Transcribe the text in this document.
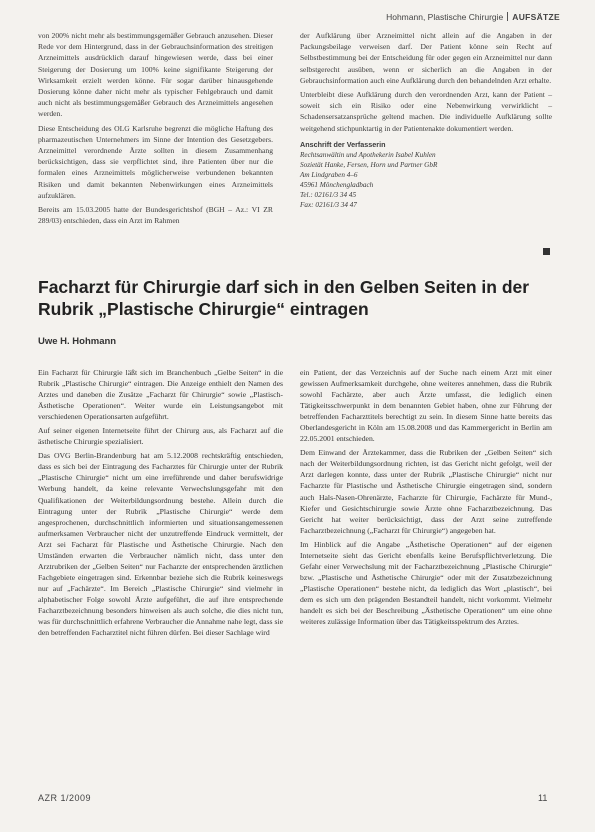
Hohmann, Plastische Chirurgie AUFSÄTZE

von 200% nicht mehr als bestimmungsgemäßer Gebrauch anzusehen. Dieser Rede vor dem Hintergrund, dass in der Gebrauchsinformation des streitigen Arzneimittels ausdrücklich darauf hingewiesen werde, dass bei einer Steigerung der Dosierung um 100% keine signifikante Steigerung der Wirksamkeit erzielt werden könne. Für sogar darüber hinausgehende Dosierung könne daher nicht mehr als typischer Fehlgebrauch und damit auch nicht als bestimmungsgemäßer Gebrauch des Arzneimittels angesehen werden.

Diese Entscheidung des OLG Karlsruhe begrenzt die mögliche Haftung des pharmazeutischen Unternehmers im Sinne der Intention des Gesetzgebers. Arzneimittel verordnende Ärzte sollten in diesem Zusammenhang berücksichtigen, dass sie verpflichtet sind, ihre Patienten über nur die formalen eines Arzneimittels möglicherweise verbundenen bekannten Risiken und damit bekannten Nebenwirkungen eines Arzneimittels aufzuklären.

Bereits am 15.03.2005 hatte der Bundesgerichtshof (BGH – Az.: VI ZR 289/03) entschieden, dass ein Arzt im Rahmen

der Aufklärung über Arzneimittel nicht allein auf die Angaben in der Packungsbeilage verweisen darf. Der Patient könne sein Recht auf Selbstbestimmung bei der Entscheidung für oder gegen ein Arzneimittel nur dann selbstgerecht ausüben, wenn er sicherlich an die Angaben in der Gebrauchsinformation auch eine Aufklärung durch den behandelnden Arzt erhalte.

Unterbleibt diese Aufklärung durch den verordnenden Arzt, kann der Patient – soweit sich ein Risiko oder eine Nebenwirkung verwirklicht – Schadensersatzansprüche geltend machen. Die individuelle Aufklärung sollte weitgehend stichpunktartig in der Patientenakte dokumentiert werden.

Anschrift der Verfasserin
Rechtsanwältin und Apothekerin Isabel Kuhlen
Sozietät Hanke, Fersen, Horn und Partner GbR
Am Lindgraben 4–6
45961 Mönchengladbach
Tel.: 02161/3 34 45
Fax: 02161/3 34 47
Facharzt für Chirurgie darf sich in den Gelben Seiten in der Rubrik „Plastische Chirurgie“ eintragen
Uwe H. Hohmann

Ein Facharzt für Chirurgie läßt sich im Branchenbuch „Gelbe Seiten“ in die Rubrik „Plastische Chirurgie“ eintragen. Die Anzeige enthielt den Namen des Arztes und daneben die Zusätze „Facharzt für Chirurgie“ sowie „Plastisch-Ästhetische Operationen“. Weiter wurde ein Leistungsangebot mit verschiedenen Operationsarten aufgeführt.

Auf seiner eigenen Internetseite führt der Chirurg aus, als Facharzt auf die ästhetische Chirurgie spezialisiert.

Das OVG Berlin-Brandenburg hat am 5.12.2008 rechtskräftig entschieden, dass es sich bei der Eintragung des Facharztes für Chirurgie unter der Rubrik „Plastische Chirurgie“ nicht um eine irreführende und daher berufswidrige Werbung handelt, da keine relevante Verwechslungsgefahr mit den Qualifikationen der Weiterbildungsordnung bestehe. Allein durch die Eintragung unter der Rubrik „Plastische Chirurgie“ werde dem angesprochenen, durchschnittlich informierten und situationsangemessenen aufmerksamen Verbraucher nicht der unzutreffende Eindruck vermittelt, der Arzt sei Facharzt für Plastische und Ästhetische Chirurgie. Nach den Umständen erwarten die Verbraucher nämlich nicht, dass unter den Arztrubriken der „Gelben Seiten“ nur Facharzte der entsprechenden ärztlichen Fachgebiete eingetragen sind. Erkennbar beziehe sich die Rubrik keineswegs nur auf „Fachärzte“. Im Bereich „Plastische Chirurgie“ sind vielmehr in alphabetischer Folge sowohl Ärzte aufgeführt, die auf ihre entsprechende Facharztbezeichnung besonders hinweisen als auch solche, die dies nicht tun, was für durchschnittlich erfahrene Verbraucher die Annahme nahe legt, dass sie den betreffenden Facharztitel nicht führen dürfen. Bei dieser Sachlage wird

ein Patient, der das Verzeichnis auf der Suche nach einem Arzt mit einer gewissen Aufmerksamkeit durchgehe, ohne weiteres annehmen, dass die Rubrik sowohl Fachärzte, aber auch Ärzte umfasst, die lediglich einen Tätigkeitsschwerpunkt in dem benannten Gebiet haben, ohne zur Führung der betreffenden Facharzttitels berechtigt zu sein. In diesem Sinne hatte bereits das Oberlandesgericht in Köln am 15.08.2008 und das Kammergericht in Berlin am 22.05.2001 entschieden.

Dem Einwand der Ärztekammer, dass die Rubriken der „Gelben Seiten“ sich nach der Weiterbildungsordnung richten, ist das Gericht nicht gefolgt, weil der Arzt darlegen konnte, dass unter der Rubrik „Plastische Chirurgie“ nicht nur Facharzte für Plastische und Ästhetische Chirurgie eingetragen sind, sondern auch Hals-Nasen-Ohrenärzte, Facharzte für Chirurgie, Fachärzte für Mund-, Kiefer und Gesichtschirurgie sowie Ärzte ohne Facharztbezeichnung. Das Gericht hat weiter berücksichtigt, dass der Arzt seine zutreffende Facharztbezeichnung („Facharzt für Chirurgie“) angegeben hat.

Im Hinblick auf die Angabe „Ästhetische Operationen“ auf der eigenen Internetseite sieht das Gericht ebenfalls keine Berufspflichtverletzung. Die Gefahr einer Verwechslung mit der Facharztbezeichnung „Plastische Chirurgie“ bzw. „Plastische und Ästhetische Chirurgie“ oder mit der Zusatzbezeichnung „Plastische Operationen“ bestehe nicht, da lediglich das Wort „plastisch“, bei dem es sich um den prägenden Bestandteil handelt, nicht vorkommt. Vielmehr handelt es sich bei der Beschreibung „Ästhetische Operationen“ um eine ohne weiteres zulässige Information über das Tätigkeitsspektrum des Arztes.

AZR 1/2009	11
